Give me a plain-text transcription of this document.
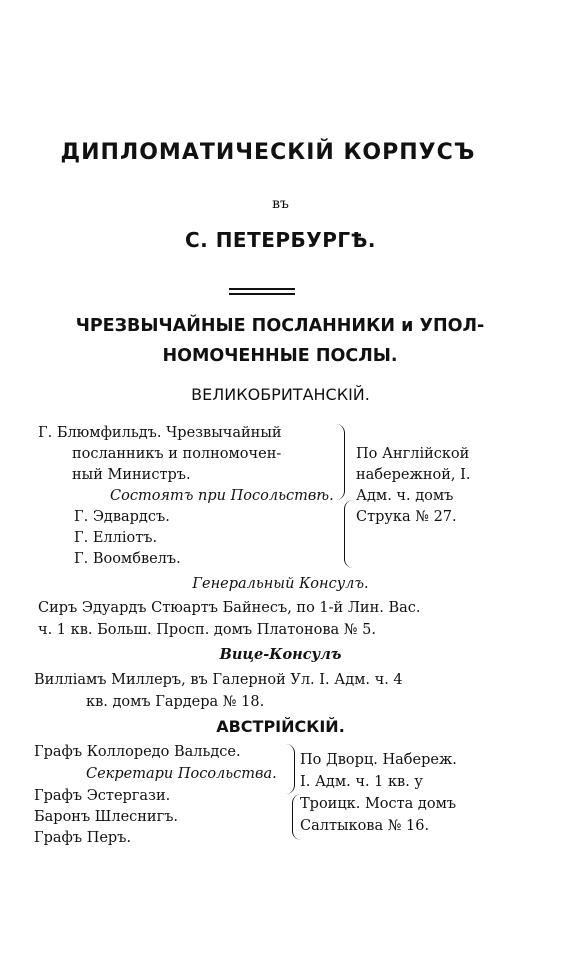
ДИПЛОМАТИЧЕСКІЙ КОРПУСЪ
въ
С. ПЕТЕРБУРГѢ.
ЧРЕЗВЫЧАЙНЫЕ ПОСЛАННИКИ и УПОЛ-
НОМОЧЕННЫЕ ПОСЛЫ.
ВЕЛИКОБРИТАНСКІЙ.
Г. Блюмфильдъ. Чрезвычайный
посланникъ и полномочен-
ный Министръ.
Состоятъ при Посольствѣ.
Г. Эдвардсъ.
Г. Еллiотъ.
Г. Воомбвелъ.
По Англiйской
набережной, І.
Адм. ч. домъ
Струка № 27.
Генеральный Консулъ.
Сиръ Эдуардъ Стюартъ Байнесъ, по 1-й Лин. Вас.
ч. 1 кв. Больш. Просп. домъ Платонова № 5.
Вице-Консулъ
Вилліамъ Миллеръ, въ Галерной Ул. І. Адм. ч. 4
кв. домъ Гардера № 18.
АВСТРІЙСКІЙ.
Графъ Коллоредо Вальдсе.
Секретари Посольства.
Графъ Эстергази.
Баронъ Шлеснигъ.
Графъ Перъ.
По Дворц. Набереж.
І. Адм. ч. 1 кв. у
Троицк. Моста домъ
Салтыкова № 16.
